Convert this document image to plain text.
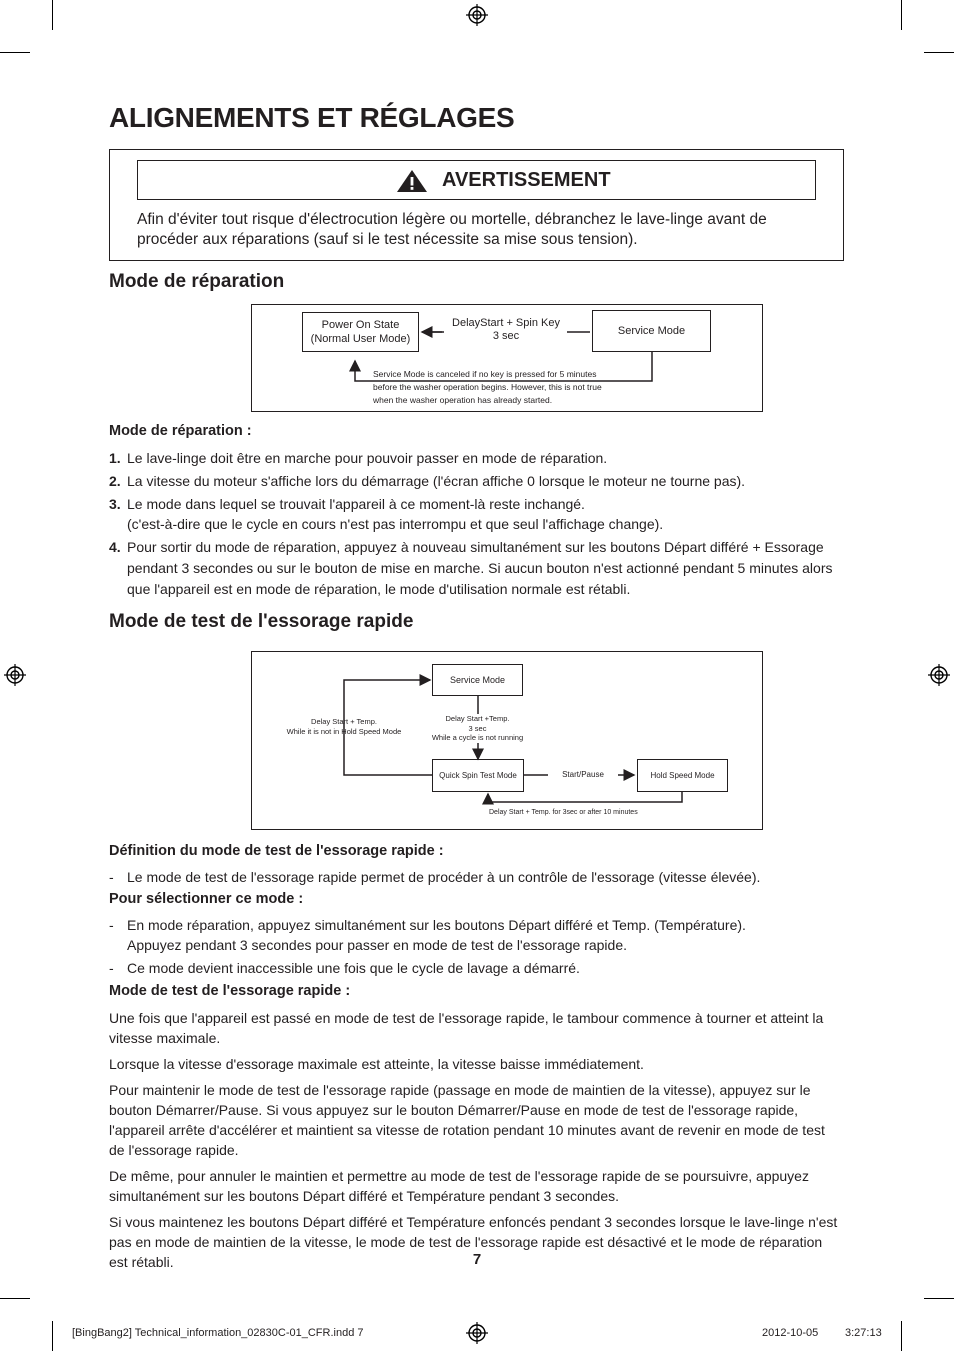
ALIGNEMENTS ET RÉGLAGES
AVERTISSEMENT
Afin d'éviter tout risque d'électrocution légère ou mortelle, débranchez le lave-linge avant de procéder aux réparations (sauf si le test nécessite sa mise sous tension).
Mode de réparation
Power On State
(Normal User Mode)
DelayStart + Spin Key
3 sec	Service Mode
Service Mode is canceled if no key is pressed for 5 minutes
before the washer operation begins. However, this is not true
when the washer operation has already started.
Mode de réparation :
1. Le lave-linge doit être en marche pour pouvoir passer en mode de réparation.
2. La vitesse du moteur s'affiche lors du démarrage (l'écran affiche 0 lorsque le moteur ne tourne pas).
3. Le mode dans lequel se trouvait l'appareil à ce moment-là reste inchangé.
(c'est-à-dire que le cycle en cours n'est pas interrompu et que seul l'affichage change).
4. Pour sortir du mode de réparation, appuyez à nouveau simultanément sur les boutons Départ différé + Essorage pendant 3 secondes ou sur le bouton de mise en marche. Si aucun bouton n'est actionné pendant 5 minutes alors que l'appareil est en mode de réparation, le mode d'utilisation normale est rétabli.
Mode de test de l'essorage rapide
Service Mode
Delay Start + Temp.
While it is not in Hold Speed Mode
Delay Start +Temp.
3 sec
While a cycle is not running
Quick Spin Test Mode	Start/Pause	Hold Speed Mode
Delay Start + Temp. for 3sec or after 10 minutes
Définition du mode de test de l'essorage rapide :
- Le mode de test de l'essorage rapide permet de procéder à un contrôle de l'essorage (vitesse élevée).
Pour sélectionner ce mode :
- En mode réparation, appuyez simultanément sur les boutons Départ différé et Temp. (Température).
Appuyez pendant 3 secondes pour passer en mode de test de l'essorage rapide.
- Ce mode devient inaccessible une fois que le cycle de lavage a démarré.
Mode de test de l'essorage rapide :

Une fois que l'appareil est passé en mode de test de l'essorage rapide, le tambour commence à tourner et atteint la vitesse maximale.

Lorsque la vitesse d'essorage maximale est atteinte, la vitesse baisse immédiatement.

Pour maintenir le mode de test de l'essorage rapide (passage en mode de maintien de la vitesse), appuyez sur le bouton Démarrer/Pause. Si vous appuyez sur le bouton Démarrer/Pause en mode de test de l'essorage rapide, l'appareil arrête d'accélérer et maintient sa vitesse de rotation pendant 10 minutes avant de revenir en mode de test de l'essorage rapide.

De même, pour annuler le maintien et permettre au mode de test de l'essorage rapide de se poursuivre, appuyez simultanément sur les boutons Départ différé et Température pendant 3 secondes.

Si vous maintenez les boutons Départ différé et Température enfoncés pendant 3 secondes lorsque le lave-linge n'est pas en mode de maintien de la vitesse, le mode de test de l'essorage rapide est désactivé et le mode de réparation est rétabli.	7
[BingBang2] Technical_information_02830C-01_CFR.indd 7	2012-10-05 3:27:13
